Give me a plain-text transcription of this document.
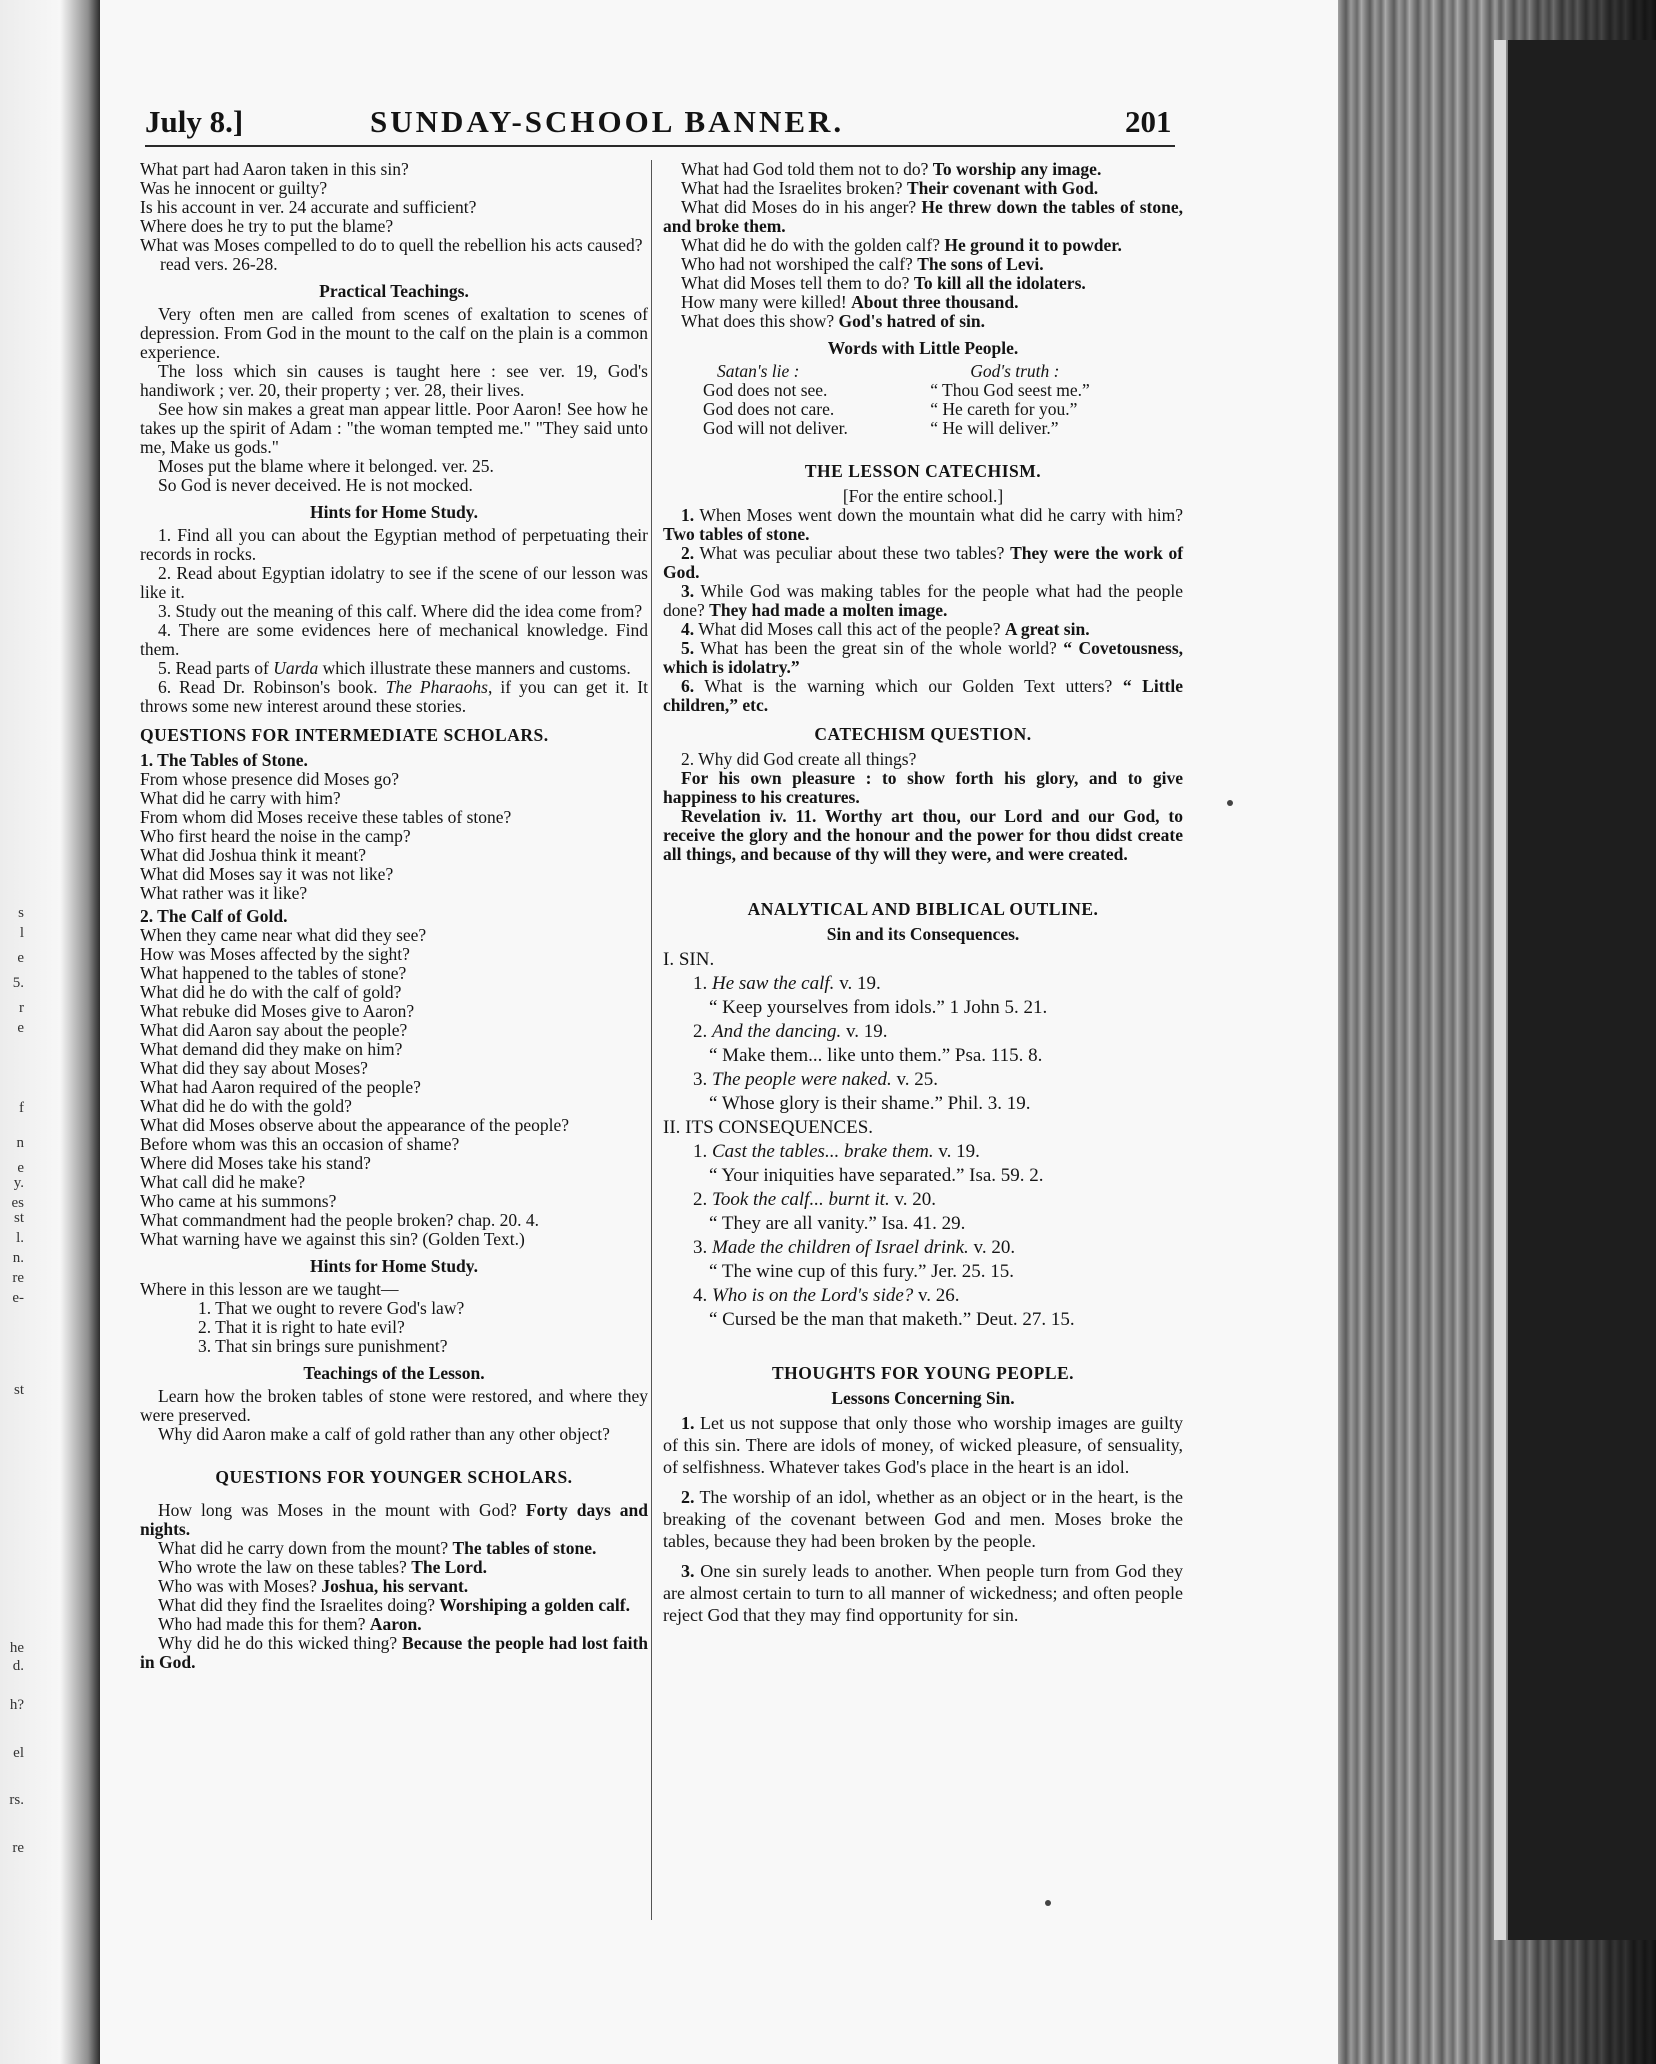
s
l
e
5.
r
e
f
n
e
y.
es
st
l.
n.
re
e-
st
he
d.
h?
el
rs.
re
July 8.]	SUNDAY-SCHOOL BANNER.	201

What part had Aaron taken in this sin?

Was he innocent or guilty?

Is his account in ver. 24 accurate and sufficient?

Where does he try to put the blame?

What was Moses compelled to do to quell the rebellion his acts caused? read vers. 26-28.

Practical Teachings.

Very often men are called from scenes of exaltation to scenes of depression. From God in the mount to the calf on the plain is a common experience.

The loss which sin causes is taught here : see ver. 19, God's handiwork ; ver. 20, their property ; ver. 28, their lives.

See how sin makes a great man appear little. Poor Aaron! See how he takes up the spirit of Adam : "the woman tempted me." "They said unto me, Make us gods."

Moses put the blame where it belonged. ver. 25.

So God is never deceived. He is not mocked.

Hints for Home Study.

1. Find all you can about the Egyptian method of perpetuating their records in rocks.

2. Read about Egyptian idolatry to see if the scene of our lesson was like it.

3. Study out the meaning of this calf. Where did the idea come from?

4. There are some evidences here of mechanical knowledge. Find them.

5. Read parts of Uarda which illustrate these manners and customs.

6. Read Dr. Robinson's book. The Pharaohs, if you can get it. It throws some new interest around these stories.

QUESTIONS FOR INTERMEDIATE SCHOLARS.
1. The Tables of Stone.

From whose presence did Moses go?

What did he carry with him?

From whom did Moses receive these tables of stone?

Who first heard the noise in the camp?

What did Joshua think it meant?

What did Moses say it was not like?

What rather was it like?

2. The Calf of Gold.

When they came near what did they see?

How was Moses affected by the sight?

What happened to the tables of stone?

What did he do with the calf of gold?

What rebuke did Moses give to Aaron?

What did Aaron say about the people?

What demand did they make on him?

What did they say about Moses?

What had Aaron required of the people?

What did he do with the gold?

What did Moses observe about the appearance of the people?

Before whom was this an occasion of shame?

Where did Moses take his stand?

What call did he make?

Who came at his summons?

What commandment had the people broken? chap. 20. 4.

What warning have we against this sin? (Golden Text.)

Hints for Home Study.

Where in this lesson are we taught—

1. That we ought to revere God's law?

2. That it is right to hate evil?

3. That sin brings sure punishment?

Teachings of the Lesson.

Learn how the broken tables of stone were restored, and where they were preserved.

Why did Aaron make a calf of gold rather than any other object?

QUESTIONS FOR YOUNGER SCHOLARS.

How long was Moses in the mount with God? Forty days and nights.

What did he carry down from the mount? The tables of stone.

Who wrote the law on these tables? The Lord.

Who was with Moses? Joshua, his servant.

What did they find the Israelites doing? Worshiping a golden calf.

Who had made this for them? Aaron.

Why did he do this wicked thing? Because the people had lost faith in God.

What had God told them not to do? To worship any image.

What had the Israelites broken? Their covenant with God.

What did Moses do in his anger? He threw down the tables of stone, and broke them.

What did he do with the golden calf? He ground it to powder.

Who had not worshiped the calf? The sons of Levi.

What did Moses tell them to do? To kill all the idolaters.

How many were killed! About three thousand.

What does this show? God's hatred of sin.

Words with Little People.
Satan's lie :	God's truth :
God does not see.	“ Thou God seest me.”
God does not care.	“ He careth for you.”
God will not deliver.	“ He will deliver.”
THE LESSON CATECHISM.

[For the entire school.]

1. When Moses went down the mountain what did he carry with him? Two tables of stone.

2. What was peculiar about these two tables? They were the work of God.

3. While God was making tables for the people what had the people done? They had made a molten image.

4. What did Moses call this act of the people? A great sin.

5. What has been the great sin of the whole world? “ Covetousness, which is idolatry.”

6. What is the warning which our Golden Text utters? “ Little children,” etc.

CATECHISM QUESTION.

2. Why did God create all things?

For his own pleasure : to show forth his glory, and to give happiness to his creatures.

Revelation iv. 11. Worthy art thou, our Lord and our God, to receive the glory and the honour and the power for thou didst create all things, and because of thy will they were, and were created.

ANALYTICAL AND BIBLICAL OUTLINE.
Sin and its Consequences.

I. SIN.

1. He saw the calf. v. 19.

“ Keep yourselves from idols.” 1 John 5. 21.

2. And the dancing. v. 19.

“ Make them... like unto them.” Psa. 115. 8.

3. The people were naked. v. 25.

“ Whose glory is their shame.” Phil. 3. 19.

II. ITS CONSEQUENCES.

1. Cast the tables... brake them. v. 19.

“ Your iniquities have separated.” Isa. 59. 2.

2. Took the calf... burnt it. v. 20.

“ They are all vanity.” Isa. 41. 29.

3. Made the children of Israel drink. v. 20.

“ The wine cup of this fury.” Jer. 25. 15.

4. Who is on the Lord's side? v. 26.

“ Cursed be the man that maketh.” Deut. 27. 15.

THOUGHTS FOR YOUNG PEOPLE.
Lessons Concerning Sin.

1. Let us not suppose that only those who worship images are guilty of this sin. There are idols of money, of wicked pleasure, of sensuality, of selfishness. Whatever takes God's place in the heart is an idol.

2. The worship of an idol, whether as an object or in the heart, is the breaking of the covenant between God and men. Moses broke the tables, because they had been broken by the people.

3. One sin surely leads to another. When people turn from God they are almost certain to turn to all manner of wickedness; and often people reject God that they may find opportunity for sin.
